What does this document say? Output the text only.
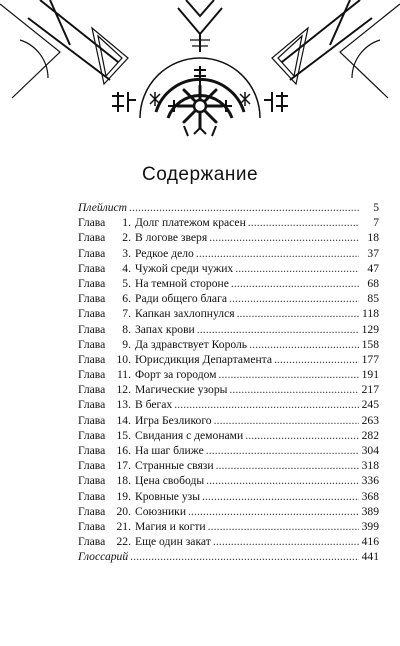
Содержание
Плейлист . . .	5
Глава	1. Долг платежом красен . . .	7
Глава	2. В логове зверя . . .	18
Глава	3. Редкое дело . . .	37
Глава	4. Чужой среди чужих . . .	47
Глава	5. На темной стороне . . .	68
Глава	6. Ради общего блага . . .	85
Глава	7. Капкан захлопнулся . . .	118
Глава	8. Запах крови . . .	129
Глава	9. Да здравствует Король . . .	158
Глава 10. Юрисдикция Департамента . . .	177
Глава	11. Форт за городом . . .	191
Глава 12. Магические узоры . . .	217
Глава 13. В бегах . . .	245
Глава 14. Игра Безликого . . .	263
Глава 15. Свидания с демонами . . .	282
Глава 16. На шаг ближе . . .	304
Глава 17. Странные связи . . .	318
Глава 18. Цена свободы . . .	336
Глава 19. Кровные узы . . .	368
Глава 20. Союзники . . .	389
Глава 21. Магия и когти . . .	399
Глава 22. Еще один закат . . .	416
Глоссарий . . .	441
